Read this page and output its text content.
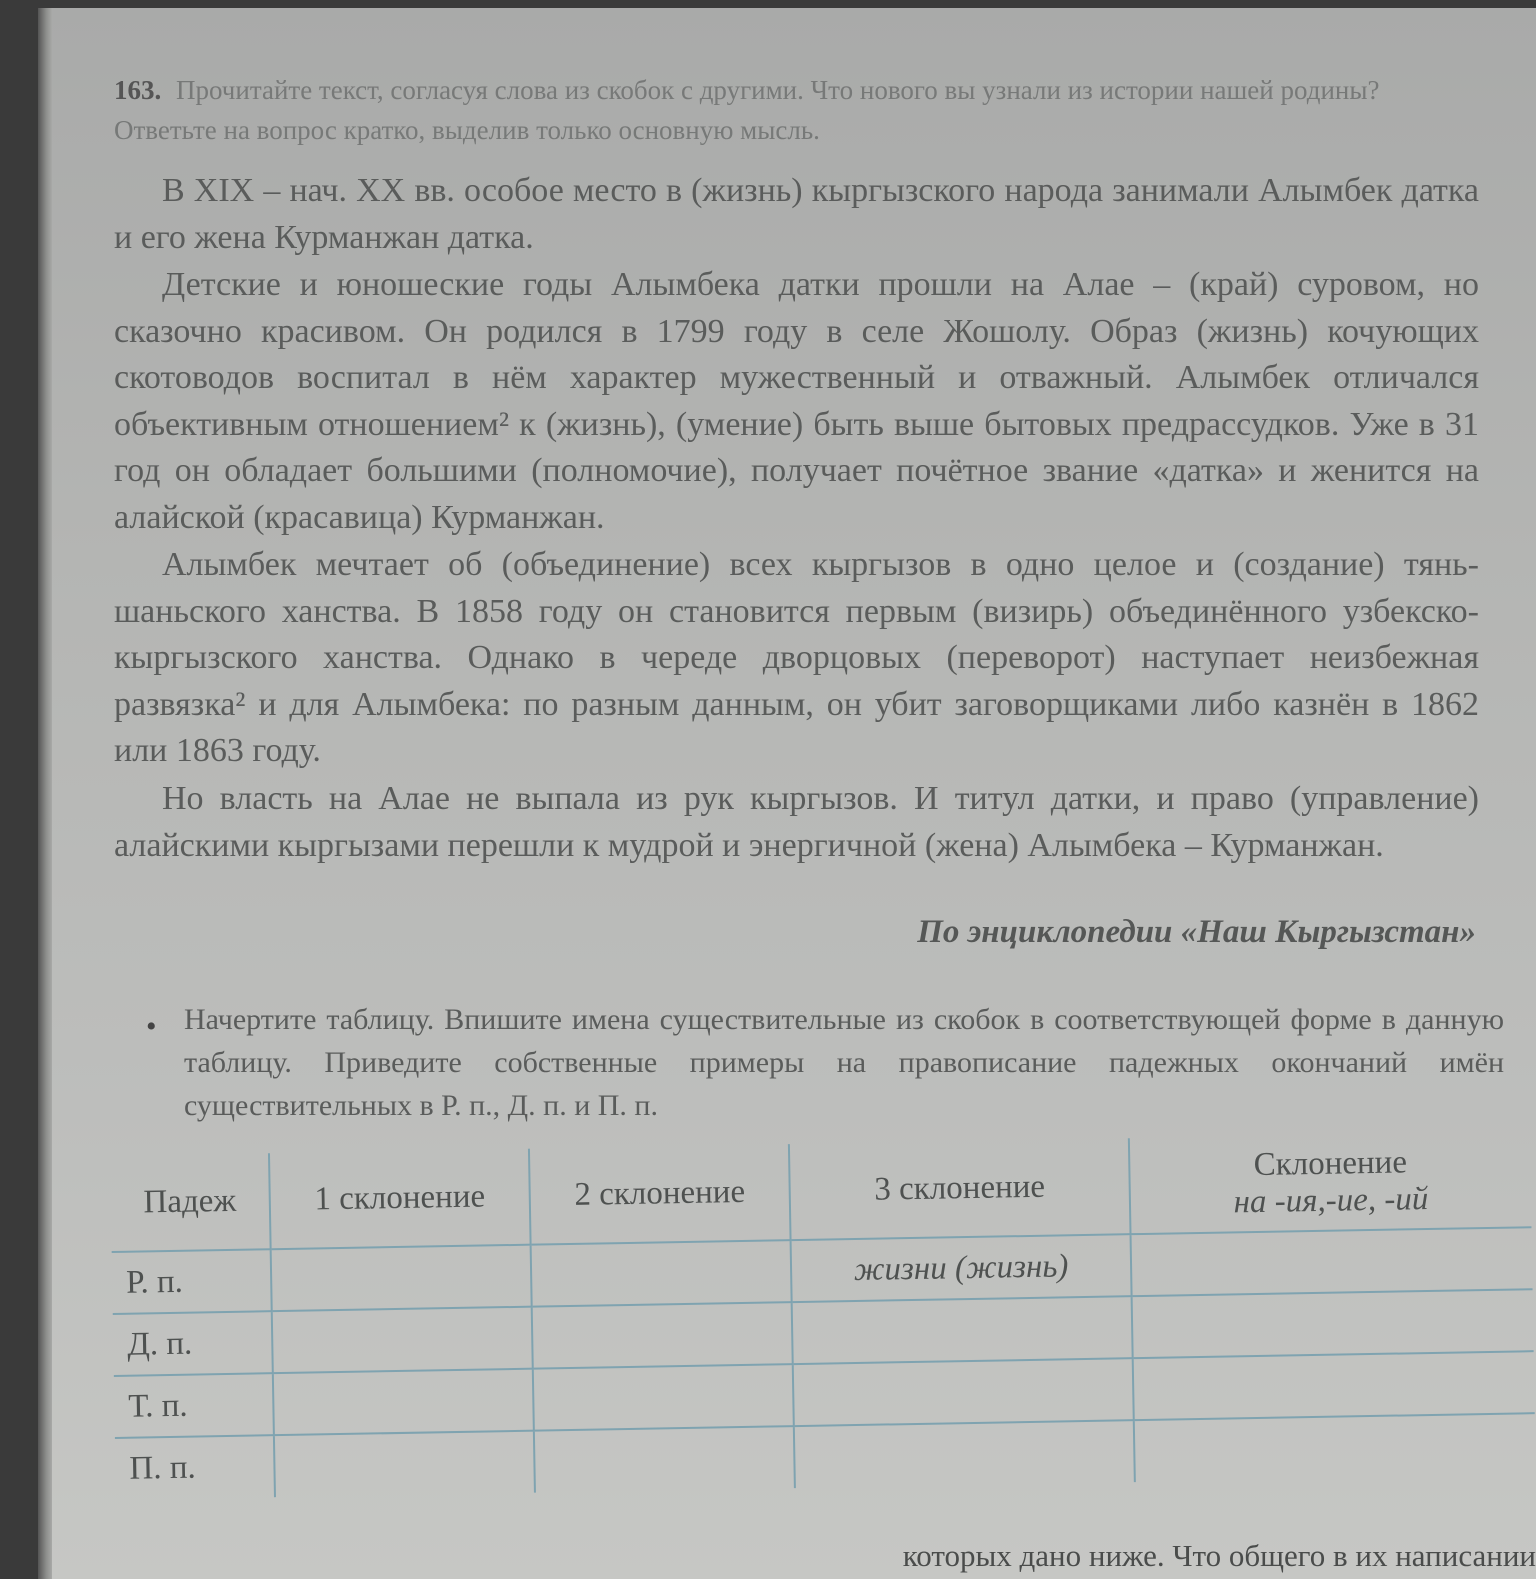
163. Прочитайте текст, согласуя слова из скобок с другими. Что нового вы узнали из истории нашей родины? Ответьте на вопрос кратко, выделив только основную мысль.
В XIX – нач. XX вв. особое место в (жизнь) кыргызского народа занимали Алымбек датка и его жена Курманжан датка.
Детские и юношеские годы Алымбека датки прошли на Алае – (край) суровом, но сказочно красивом. Он родился в 1799 году в селе Жошолу. Образ (жизнь) кочующих скотоводов воспитал в нём характер мужественный и отважный. Алымбек отличался объективным отношением² к (жизнь), (умение) быть выше бытовых предрассудков. Уже в 31 год он обладает большими (полномочие), получает почётное звание «датка» и женится на алайской (красавица) Курманжан.
Алымбек мечтает об (объединение) всех кыргызов в одно целое и (создание) тянь-шаньского ханства. В 1858 году он становится первым (визирь) объединённого узбекско-кыргызского ханства. Однако в череде дворцовых (переворот) наступает неизбежная развязка² и для Алымбека: по разным данным, он убит заговорщиками либо казнён в 1862 или 1863 году.
Но власть на Алае не выпала из рук кыргызов. И титул датки, и право (управление) алайскими кыргызами перешли к мудрой и энергичной (жена) Алымбека – Курманжан.
По энциклопедии «Наш Кыргызстан»
• Начертите таблицу. Впишите имена существительные из скобок в соответствующей форме в данную таблицу. Приведите собственные примеры на правописание падежных окончаний имён существительных в Р. п., Д. п. и П. п.
Падеж	1 склонение	2 склонение	3 склонение	Склонение
на -ия,-ие, -ий

Р. п.			жизни (жизнь)	
Д. п.				
Т. п.				
П. п.				
которых дано ниже. Что общего в их написании
